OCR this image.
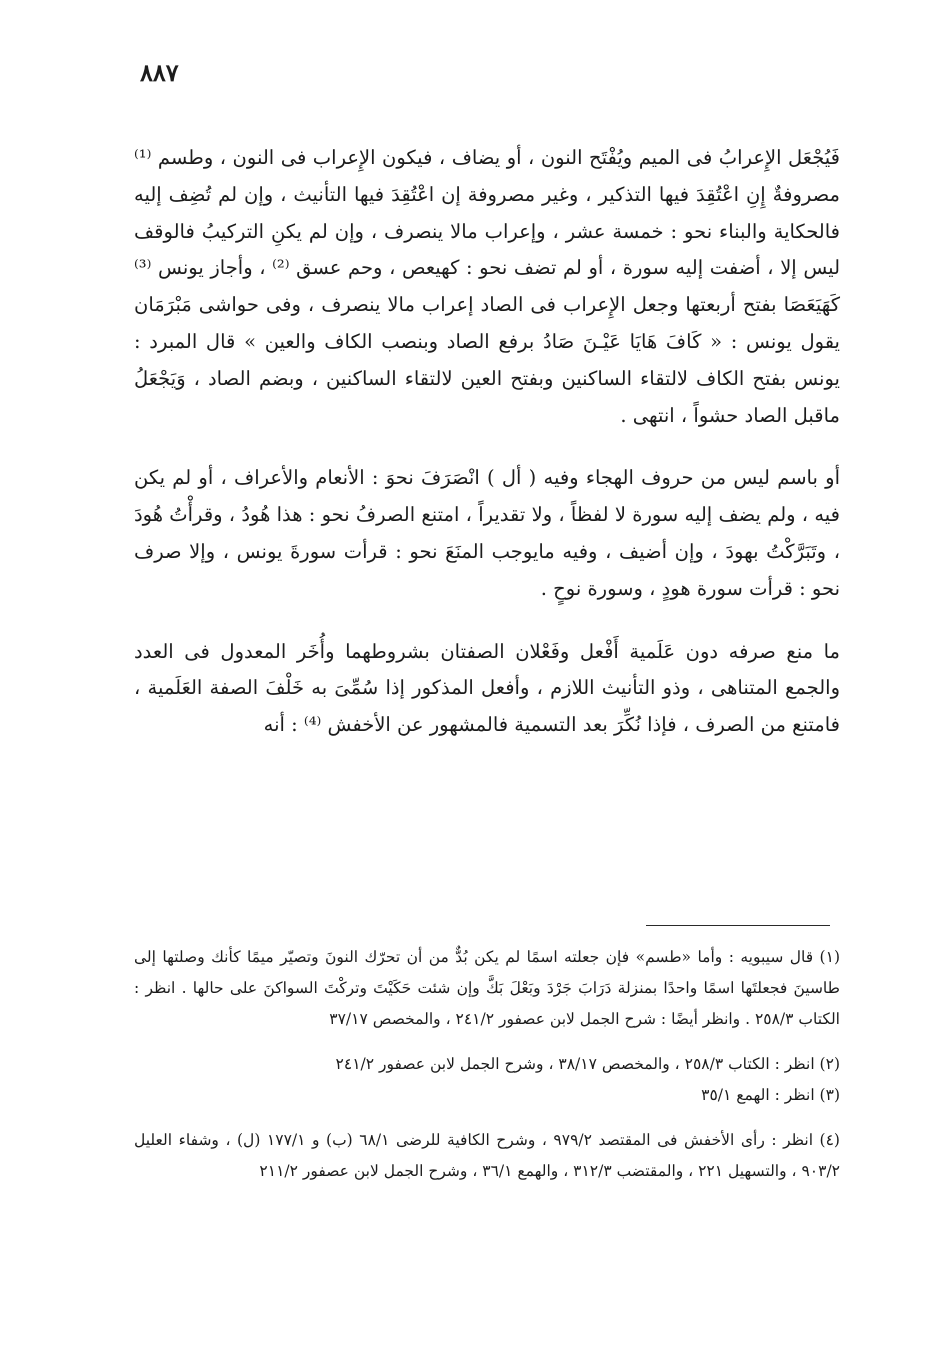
٨٨٧

فَيُجْعَل الإِعرابُ فى الميم ويُفْتَح النون ، أو يضاف ، فيكون الإِعراب فى النون ، وطسم ⁽¹⁾ مصروفةٌ إِنِ اعْتُقِدَ فيها التذكير ، وغير مصروفة إن اعْتُقِدَ فيها التأنيث ، وإن لم تُضِف إليه فالحكاية والبناء نحو : خمسة عشر ، وإعراب مالا ينصرف ، وإن لم يكنِ التركيبُ فالوقف ليس إلا ، أضفت إليه سورة ، أو لم تضف نحو : كهيعص ، وحم عسق ⁽²⁾ ، وأجاز يونس ⁽³⁾ كَهَيَعَصَا بفتح أربعتها وجعل الإِعراب فى الصاد إعراب مالا ينصرف ، وفى حواشى مَبْرَمَان يقول يونس : « كَافَ هَايَا عَيْـنَ صَادُ برفع الصاد وبنصب الكاف والعين » قال المبرد : يونس بفتح الكاف لالتقاء الساكنين وبفتح العين لالتقاء الساكنين ، وبضم الصاد ، وَيَجْعَلُ ماقبل الصاد حشواً ، انتهى .

أو باسم ليس من حروف الهجاء وفيه ( أل ) انْصَرَفَ نحوَ : الأنعام والأعراف ، أو لم يكن فيه ، ولم يضف إليه سورة لا لفظاً ، ولا تقديراً ، امتنع الصرفُ نحو : هذا هُودُ ، وقرأْتُ هُودَ ، وتَبَرَّكْتُ بهودَ ، وإن أضيف ، وفيه مايوجب المنَعَ نحو : قرأت سورةَ يونس ، وإلا صرف نحو : قرأت سورة هودٍ ، وسورة نوحٍ .

ما منع صرفه دون عَلَمية أَفْعل وفَعْلان الصفتان بشروطهما وأُخَر المعدول فى العدد والجمع المتناهى ، وذو التأنيث اللازم ، وأفعل المذكور إذا سُمِّىَ به خَلْفَ الصفة العَلَمية ، فامتنع من الصرف ، فإذا نُكِّرَ بعد التسمية فالمشهور عن الأخفش ⁽⁴⁾ : أنه

(١) قال سيبويه : وأما «طسم» فإن جعلته اسمًا لم يكن بُدٌّ من أن تحرّك النونَ وتصيّر ميمًا كأنك وصلتها إلى طاسينَ فجعلتَها اسمًا واحدًا بمنزلة دَرَابَ جَرْدَ وبَعْلَ بَكَّ وإن شئت حَكَيْتَ وتركْتَ السواكنَ على حالها . انظر : الكتاب ٢٥٨/٣ . وانظر أيضًا : شرح الجمل لابن عصفور ٢٤١/٢ ، والمخصص ٣٧/١٧

(٢) انظر : الكتاب ٢٥٨/٣ ، والمخصص ٣٨/١٧ ، وشرح الجمل لابن عصفور ٢٤١/٢

(٣) انظر : الهمع ٣٥/١

(٤) انظر : رأى الأخفش فى المقتصد ٩٧٩/٢ ، وشرح الكافية للرضى ٦٨/١ (ب) و ١٧٧/١ (ل) ، وشفاء العليل ٩٠٣/٢ ، والتسهيل ٢٢١ ، والمقتضب ٣١٢/٣ ، والهمع ٣٦/١ ، وشرح الجمل لابن عصفور ٢١١/٢
